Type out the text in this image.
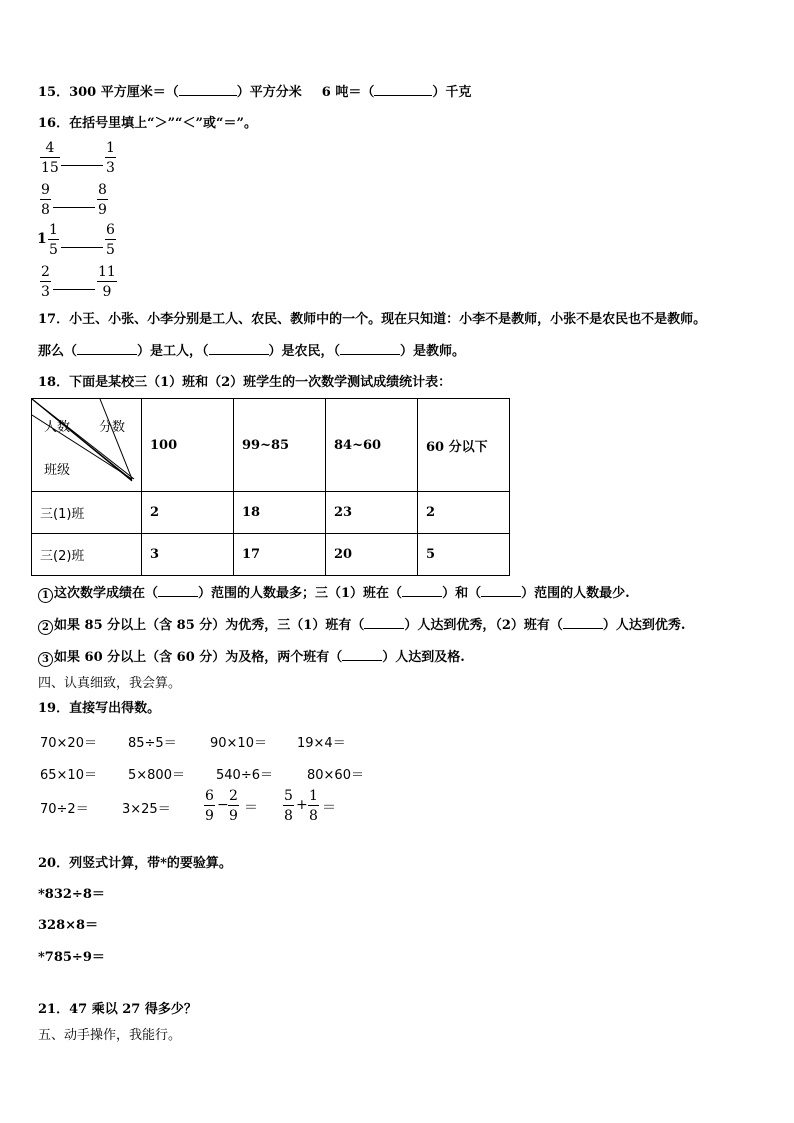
15．300 平方厘米＝（	）平方分米 6 吨＝（	）千克
16．在括号里填上“＞”“＜”或“＝”。
4
15
1
3
9
8
8
9
1
1
5
6
5
2
3
11
9
17．小王、小张、小李分别是工人、农民、教师中的一个。现在只知道：小李不是教师，小张不是农民也不是教师。
那么（	）是工人，（	）是农民，（	）是教师。
18．下面是某校三（1）班和（2）班学生的一次数学测试成绩统计表：
人数 分数
班级	100	99~85	84~60	60 分以下
三(1)班	2	18	23	2
三(2)班	3	17	20	5
1 这次数学成绩在（	）范围的人数最多；三（1）班在（	）和（	）范围的人数最少.
2 如果 85 分以上（含 85 分）为优秀，三（1）班有（	）人达到优秀，（2）班有（	）人达到优秀.
3 如果 60 分以上（含 60 分）为及格，两个班有（	）人达到及格.
四、认真细致，我会算。
19．直接写出得数。
70×20＝ 85÷5＝	90×10＝ 19×4＝
65×10＝ 5×800＝ 540÷6＝	80×60＝
70÷2＝	3×25＝
6
9
−
2
9 ＝
5
8
+
1
8 ＝
20．列竖式计算，带*的要验算。
*832÷8＝
328×8＝
*785÷9＝
21．47 乘以 27 得多少？
五、动手操作，我能行。
